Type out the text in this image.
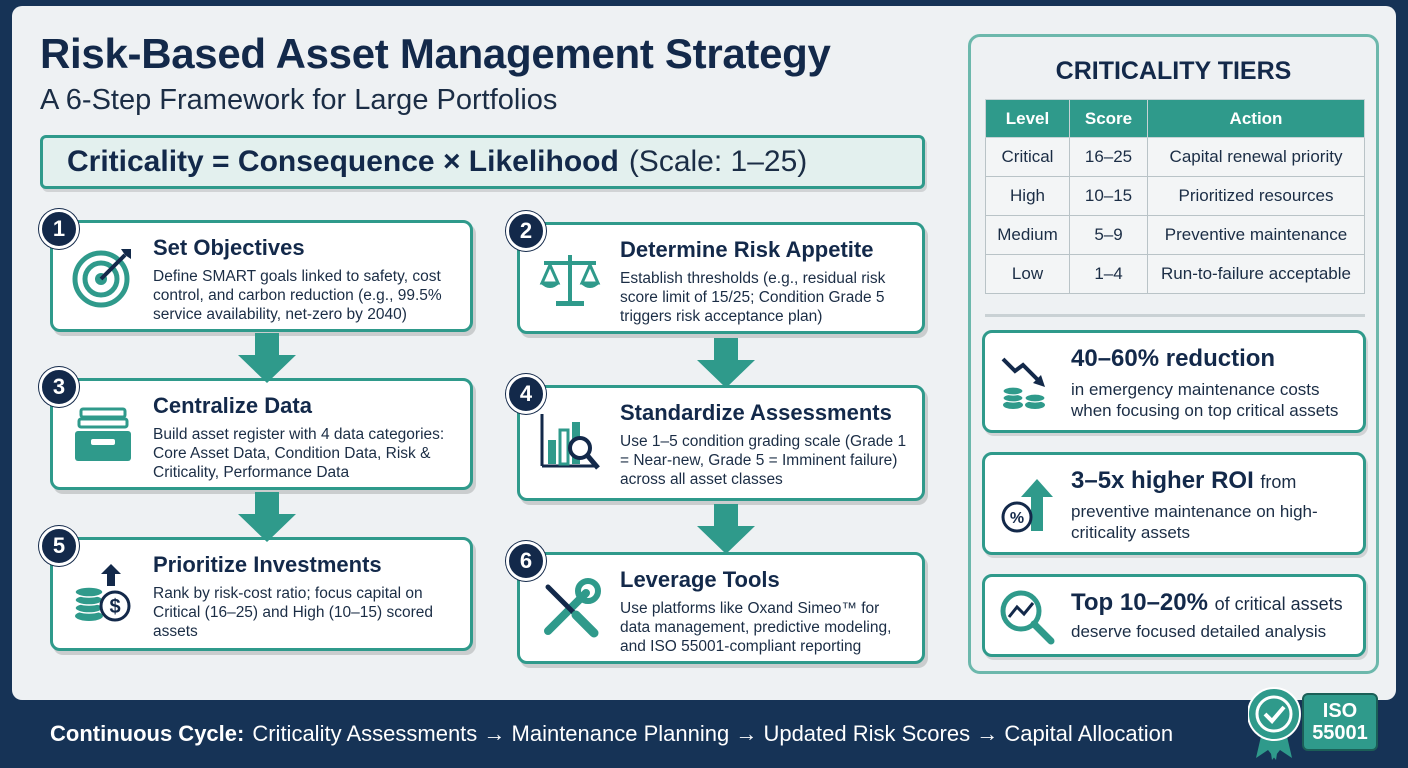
Risk-Based Asset Management Strategy
A 6-Step Framework for Large Portfolios
Criticality = Consequence × Likelihood (Scale: 1–25)
1
Set Objectives
Define SMART goals linked to safety, cost control, and carbon reduction (e.g., 99.5% service availability, net-zero by 2040)
2
Determine Risk Appetite
Establish thresholds (e.g., residual risk score limit of 15/25; Condition Grade 5 triggers risk acceptance plan)
3
Centralize Data
Build asset register with 4 data categories: Core Asset Data, Condition Data, Risk & Criticality, Performance Data
4
Standardize Assessments
Use 1–5 condition grading scale (Grade 1 = Near-new, Grade 5 = Imminent failure) across all asset classes
5
$
Prioritize Investments
Rank by risk-cost ratio; focus capital on Critical (16–25) and High (10–15) scored assets
6
Leverage Tools
Use platforms like Oxand Simeo™ for data management, predictive modeling, and ISO 55001-compliant reporting
CRITICALITY TIERS
Level	Score	Action
Critical	16–25	Capital renewal priority
High	10–15	Prioritized resources
Medium	5–9	Preventive maintenance
Low	1–4	Run-to-failure acceptable
40–60% reduction
in emergency maintenance costs when focusing on top critical assets
%
3–5x higher ROI from
preventive maintenance on high-criticality assets
Top 10–20% of critical assets
deserve focused detailed analysis
Continuous Cycle: Criticality Assessments → Maintenance Planning → Updated Risk Scores → Capital Allocation
ISO
55001
